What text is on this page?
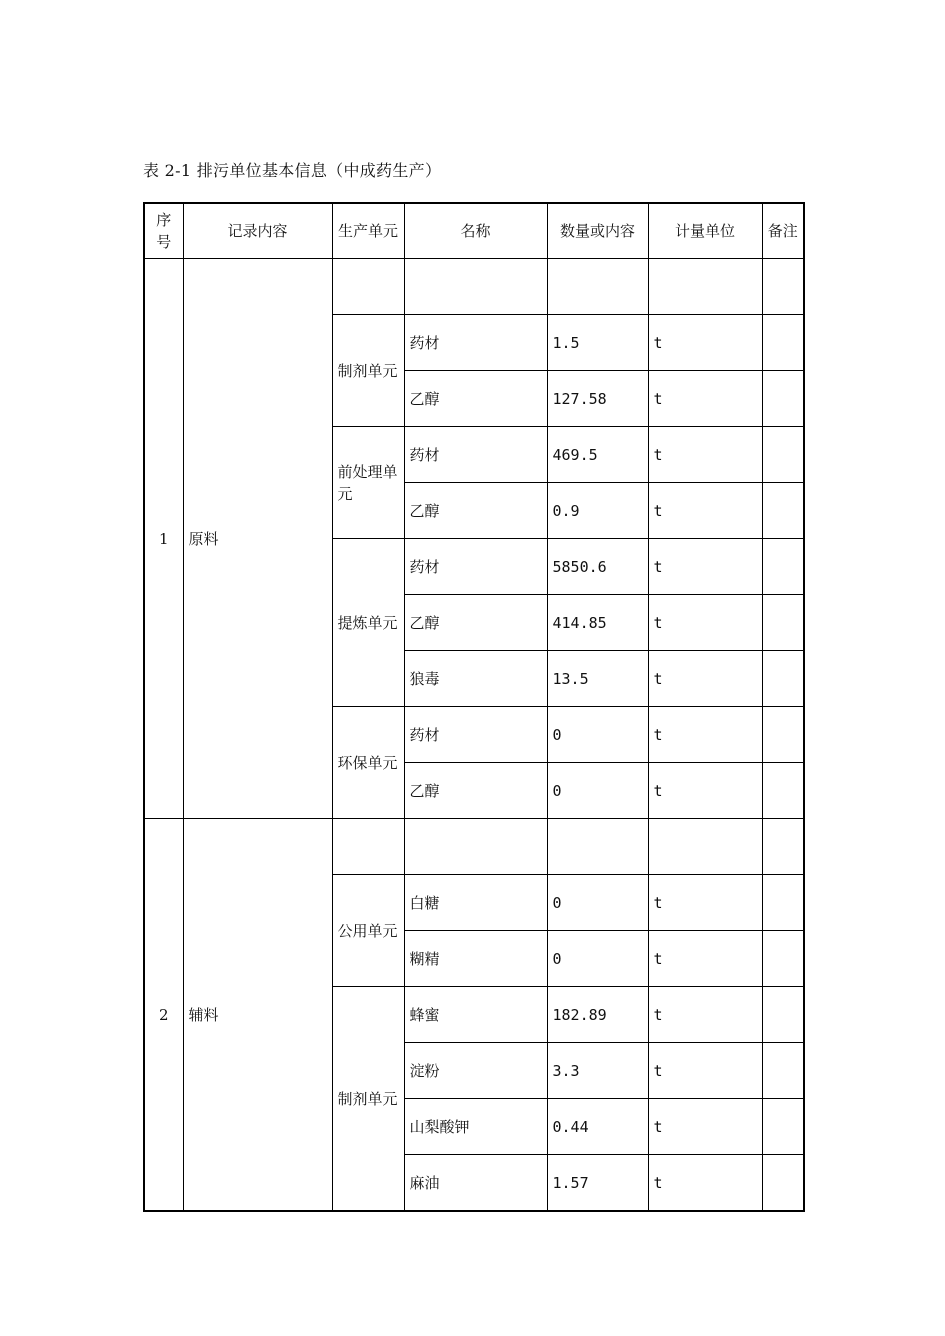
表 2-1 排污单位基本信息（中成药生产）
序号	记录内容	生产单元	名称	数量或内容	计量单位	备注
1	原料					
		制剂单元	药材	1.5	t	
			乙醇	127.58	t	
		前处理单元	药材	469.5	t	
			乙醇	0.9	t	
		提炼单元	药材	5850.6	t	
			乙醇	414.85	t	
			狼毒	13.5	t	
		环保单元	药材	0	t	
			乙醇	0	t	
2	辅料					
		公用单元	白糖	0	t	
			糊精	0	t	
		制剂单元	蜂蜜	182.89	t	
			淀粉	3.3	t	
			山梨酸钾	0.44	t	
			麻油	1.57	t	
